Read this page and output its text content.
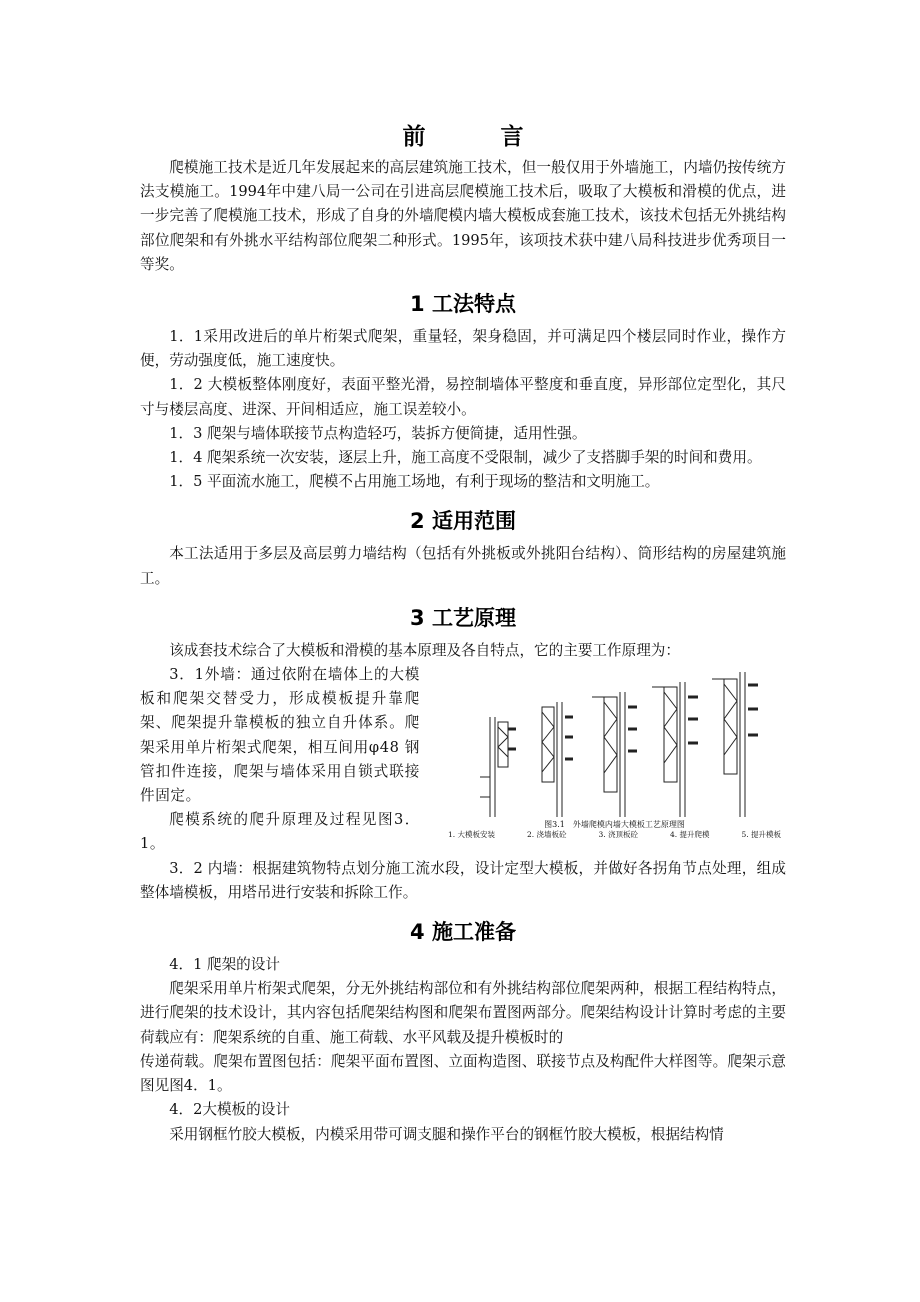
前　言

爬模施工技术是近几年发展起来的高层建筑施工技术，但一般仅用于外墙施工，内墙仍按传统方法支模施工。1994年中建八局一公司在引进高层爬模施工技术后，吸取了大模板和滑模的优点，进一步完善了爬模施工技术，形成了自身的外墙爬模内墙大模板成套施工技术，该技术包括无外挑结构部位爬架和有外挑水平结构部位爬架二种形式。1995年，该项技术获中建八局科技进步优秀项目一等奖。

1 工法特点

1．1采用改进后的单片桁架式爬架，重量轻，架身稳固，并可满足四个楼层同时作业，操作方便，劳动强度低，施工速度快。

1．2 大模板整体刚度好，表面平整光滑，易控制墙体平整度和垂直度，异形部位定型化，其尺寸与楼层高度、进深、开间相适应，施工误差较小。

1．3 爬架与墙体联接节点构造轻巧，装拆方便简捷，适用性强。

1．4 爬架系统一次安装，逐层上升，施工高度不受限制，减少了支搭脚手架的时间和费用。

1．5 平面流水施工，爬模不占用施工场地，有利于现场的整洁和文明施工。

2 适用范围

本工法适用于多层及高层剪力墙结构（包括有外挑板或外挑阳台结构）、筒形结构的房屋建筑施工。

3 工艺原理

该成套技术综合了大模板和滑模的基本原理及各自特点，它的主要工作原理为：

3．1外墙：通过依附在墙体上的大模板和爬架交替受力，形成模板提升靠爬架、爬架提升靠模板的独立自升体系。爬架采用单片桁架式爬架，相互间用φ48 钢管扣件连接，爬架与墙体采用自锁式联接件固定。

爬模系统的爬升原理及过程见图3．1。

图3.1　外墙爬模内墙大模板工艺原理图
1. 大模板安装	2. 浇墙板砼	3. 浇顶板砼	4. 提升爬模	5. 提升模板

3．2 内墙：根据建筑物特点划分施工流水段，设计定型大模板，并做好各拐角节点处理，组成整体墙模板，用塔吊进行安装和拆除工作。

4 施工准备

4．1 爬架的设计

爬架采用单片桁架式爬架，分无外挑结构部位和有外挑结构部位爬架两种，根据工程结构特点，进行爬架的技术设计，其内容包括爬架结构图和爬架布置图两部分。爬架结构设计计算时考虑的主要荷载应有：爬架系统的自重、施工荷载、水平风载及提升模板时的

传递荷载。爬架布置图包括：爬架平面布置图、立面构造图、联接节点及构配件大样图等。爬架示意图见图4．1。

4．2大模板的设计

采用钢框竹胶大模板，内模采用带可调支腿和操作平台的钢框竹胶大模板，根据结构情
